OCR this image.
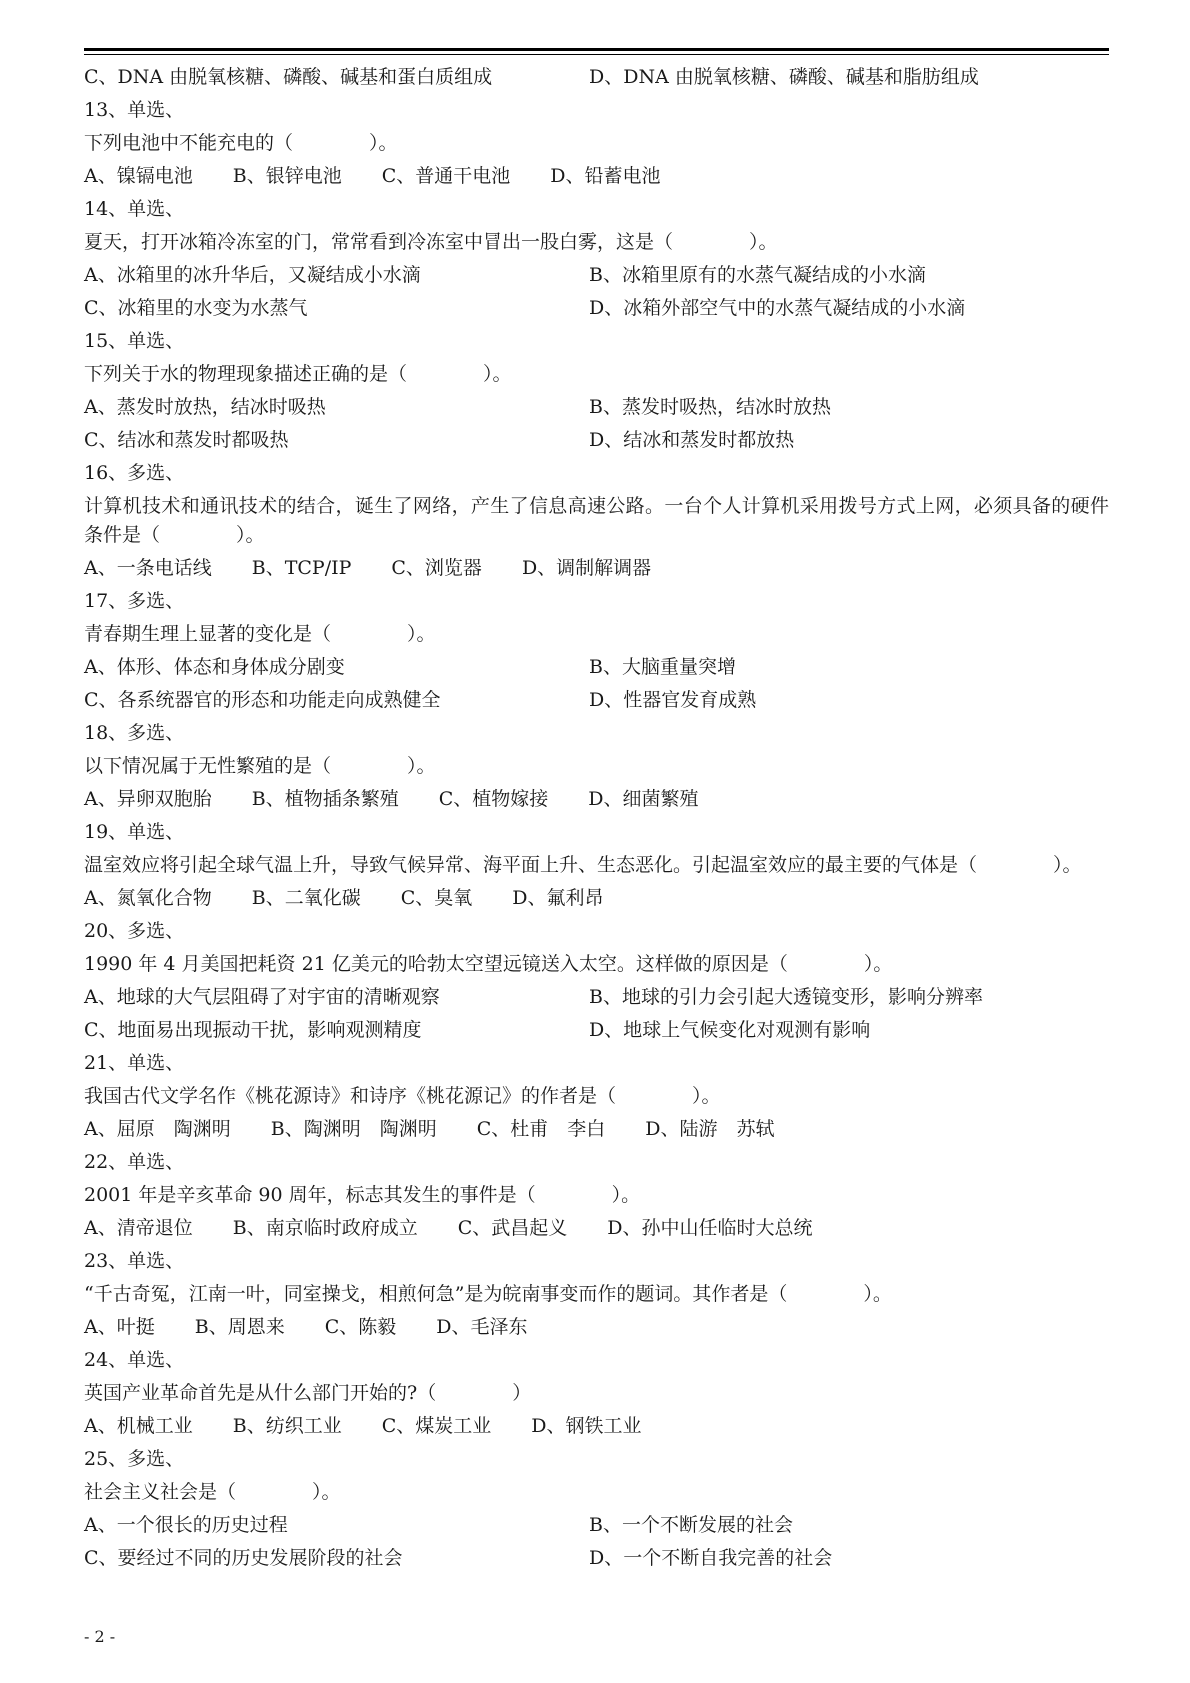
C、DNA 由脱氧核糖、磷酸、碱基和蛋白质组成	D、DNA 由脱氧核糖、磷酸、碱基和脂肪组成
13、单选、
下列电池中不能充电的（　　　　）。
A、镍镉电池 B、银锌电池 C、普通干电池 D、铅蓄电池
14、单选、
夏天，打开冰箱冷冻室的门，常常看到冷冻室中冒出一股白雾，这是（　　　　）。
A、冰箱里的冰升华后，又凝结成小水滴	B、冰箱里原有的水蒸气凝结成的小水滴
C、冰箱里的水变为水蒸气	D、冰箱外部空气中的水蒸气凝结成的小水滴
15、单选、
下列关于水的物理现象描述正确的是（　　　　）。
A、蒸发时放热，结冰时吸热	B、蒸发时吸热，结冰时放热
C、结冰和蒸发时都吸热	D、结冰和蒸发时都放热
16、多选、
计算机技术和通讯技术的结合，诞生了网络，产生了信息高速公路。一台个人计算机采用拨号方式上网，必须具备的硬件条件是（　　　　）。
A、一条电话线 B、TCP/IP C、浏览器 D、调制解调器
17、多选、
青春期生理上显著的变化是（　　　　）。
A、体形、体态和身体成分剧变	B、大脑重量突增
C、各系统器官的形态和功能走向成熟健全	D、性器官发育成熟
18、多选、
以下情况属于无性繁殖的是（　　　　）。
A、异卵双胞胎 B、植物插条繁殖 C、植物嫁接 D、细菌繁殖
19、单选、
温室效应将引起全球气温上升，导致气候异常、海平面上升、生态恶化。引起温室效应的最主要的气体是（　　　　）。
A、氮氧化合物 B、二氧化碳 C、臭氧 D、氟利昂
20、多选、
1990 年 4 月美国把耗资 21 亿美元的哈勃太空望远镜送入太空。这样做的原因是（　　　　）。
A、地球的大气层阻碍了对宇宙的清晰观察	B、地球的引力会引起大透镜变形，影响分辨率
C、地面易出现振动干扰，影响观测精度	D、地球上气候变化对观测有影响
21、单选、
我国古代文学名作《桃花源诗》和诗序《桃花源记》的作者是（　　　　）。
A、屈原　陶渊明 B、陶渊明　陶渊明 C、杜甫　李白 D、陆游　苏轼
22、单选、
2001 年是辛亥革命 90 周年，标志其发生的事件是（　　　　）。
A、清帝退位 B、南京临时政府成立 C、武昌起义 D、孙中山任临时大总统
23、单选、
“千古奇冤，江南一叶，同室操戈，相煎何急”是为皖南事变而作的题词。其作者是（　　　　）。
A、叶挺 B、周恩来 C、陈毅 D、毛泽东
24、单选、
英国产业革命首先是从什么部门开始的?（　　　　）
A、机械工业 B、纺织工业 C、煤炭工业 D、钢铁工业
25、多选、
社会主义社会是（　　　　）。
A、一个很长的历史过程	B、一个不断发展的社会
C、要经过不同的历史发展阶段的社会	D、一个不断自我完善的社会
- 2 -
